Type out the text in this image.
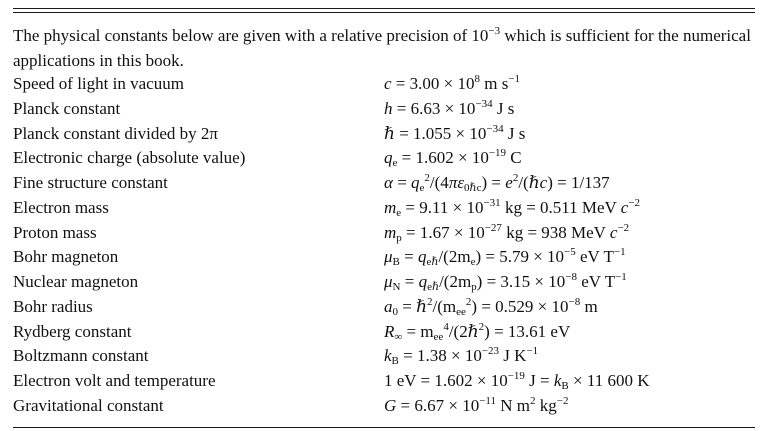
The physical constants below are given with a relative precision of $10^{-3}$ which is sufficient for the numerical applications in this book.

Speed of light in vacuum	$c = 3.00 \times 10^8$ m $s^{-1}$
Planck constant	$h = 6.63 \times 10^{-34}$ J s
Planck constant divided by 2π	ℏ = $1.055 \times 10^{-34}$ J s
Electronic charge (absolute value)	$q_e = 1.602 \times 10^{-19}$ C
Fine structure constant	$\alpha = q_e^2/(4\pi\varepsilon_{0\hbar c})$ = $e^2/(\hbar c) = 1/137$
Electron mass	$m_e = 9.11 \times 10^{-31}$ kg = 0.511 MeV $c^{-2}$
Proton mass	$m_p = 1.67 \times 10^{-27}$ kg = 938 MeV $c^{-2}$
Bohr magneton	$\mu_B = q_{e\hbar}/(2m_e) = 5.79 \times 10^{-5}$ eV $T^{-1}$
Nuclear magneton	$\mu_N = q_{e\hbar}/(2m_p) = 3.15 \times 10^{-8}$ eV $T^{-1}$
Bohr radius	$a_0$ = $\hbar^2/(m_{ee}^2) = 0.529 \times 10^{-8}$ m
Rydberg constant	$R_\infty$ = $m_{ee}^4/(2\hbar^2) = 13.61$ eV
Boltzmann constant	$k_B = 1.38 \times 10^{-23}$ J $K^{-1}$
Electron volt and temperature	1 eV = $1.602 \times 10^{-19}$ $J = k_B \times 11$ 600 K
Gravitational constant	$G = 6.67 \times 10^{-11}$ N $m^2$ $kg^{-2}$
